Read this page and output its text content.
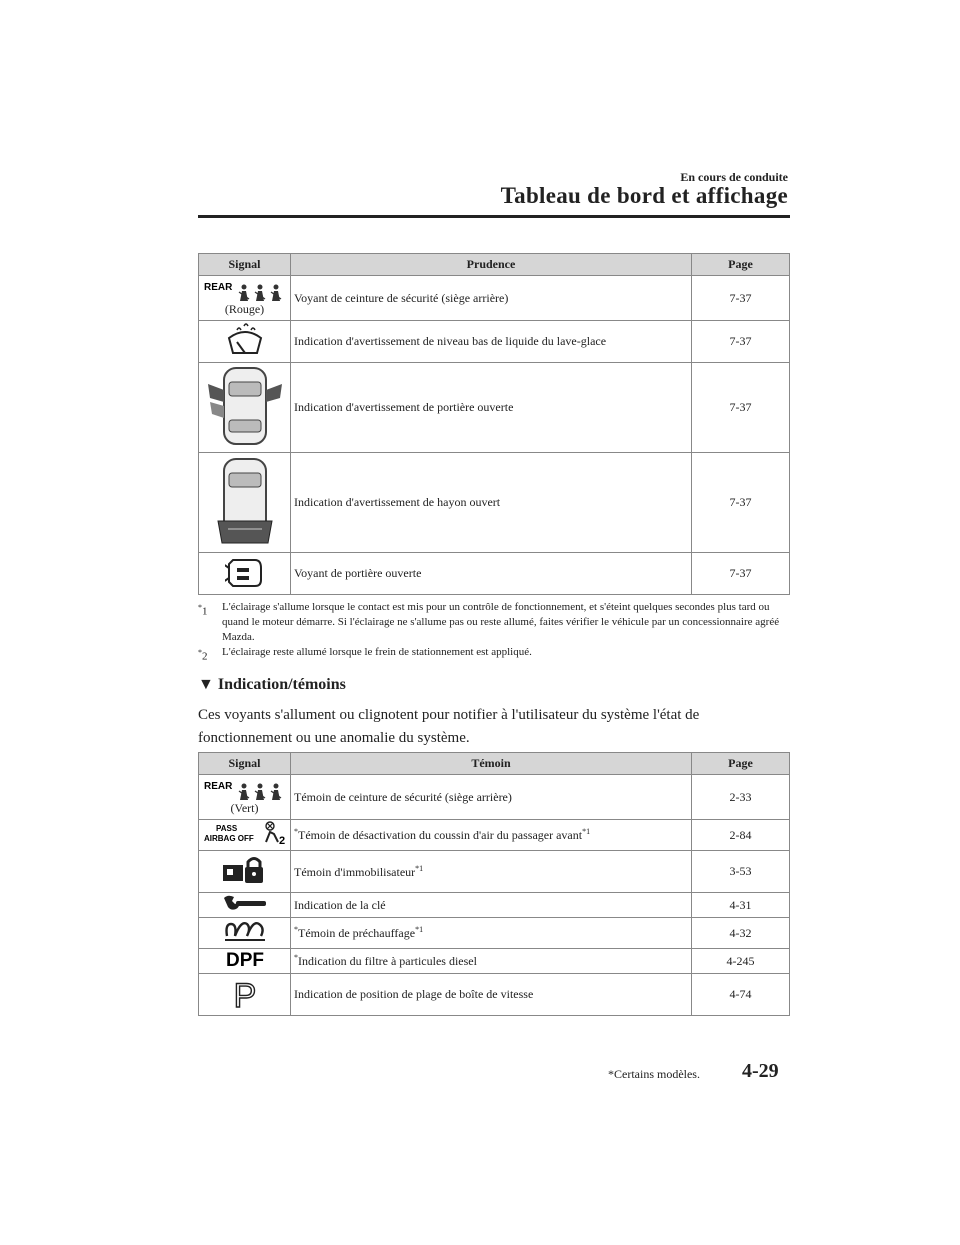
En cours de conduite
Tableau de bord et affichage
Signal	Prudence	Page

REAR
(Rouge)	Voyant de ceinture de sécurité (siège arrière)	7-37
	Indication d'avertissement de niveau bas de liquide du lave-glace	7-37
	Indication d'avertissement de portière ouverte	7-37
	Indication d'avertissement de hayon ouvert	7-37
	Voyant de portière ouverte	7-37
*1 L'éclairage s'allume lorsque le contact est mis pour un contrôle de fonctionnement, et s'éteint quelques secondes plus tard ou quand le moteur démarre. Si l'éclairage ne s'allume pas ou reste allumé, faites vérifier le véhicule par un concessionnaire agréé Mazda.
*2 L'éclairage reste allumé lorsque le frein de stationnement est appliqué.
▼ Indication/témoins
Ces voyants s'allument ou clignotent pour notifier à l'utilisateur du système l'état de fonctionnement ou une anomalie du système.
Signal	Témoin	Page

REAR
(Vert)	Témoin de ceinture de sécurité (siège arrière)	2-33

PASS
AIRBAG OFF 2	*Témoin de désactivation du coussin d'air du passager avant$^{*1}$	2-84
	Témoin d'immobilisateur$^{*1}$	3-53
	Indication de la clé	4-31
	*Témoin de préchauffage$^{*1}$	4-32

DPF	*Indication du filtre à particules diesel	4-245

P	Indication de position de plage de boîte de vitesse	4-74
*Certains modèles. 4-29
